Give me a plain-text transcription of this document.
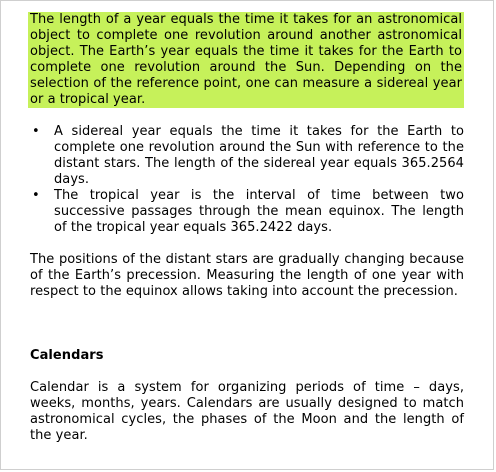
The length of a year equals the time it takes for an astronomical object to complete one revolution around another astronomical object. The Earth’s year equals the time it takes for the Earth to complete one revolution around the Sun. Depending on the selection of the reference point, one can measure a sidereal year or a tropical year.

• A sidereal year equals the time it takes for the Earth to complete one revolution around the Sun with reference to the distant stars. The length of the sidereal year equals 365.2564 days.
• The tropical year is the interval of time between two successive passages through the mean equinox. The length of the tropical year equals 365.2422 days.

The positions of the distant stars are gradually changing because of the Earth’s precession. Measuring the length of one year with respect to the equinox allows taking into account the precession.

Calendars

Calendar is a system for organizing periods of time – days, weeks, months, years. Calendars are usually designed to match astronomical cycles, the phases of the Moon and the length of the year.
